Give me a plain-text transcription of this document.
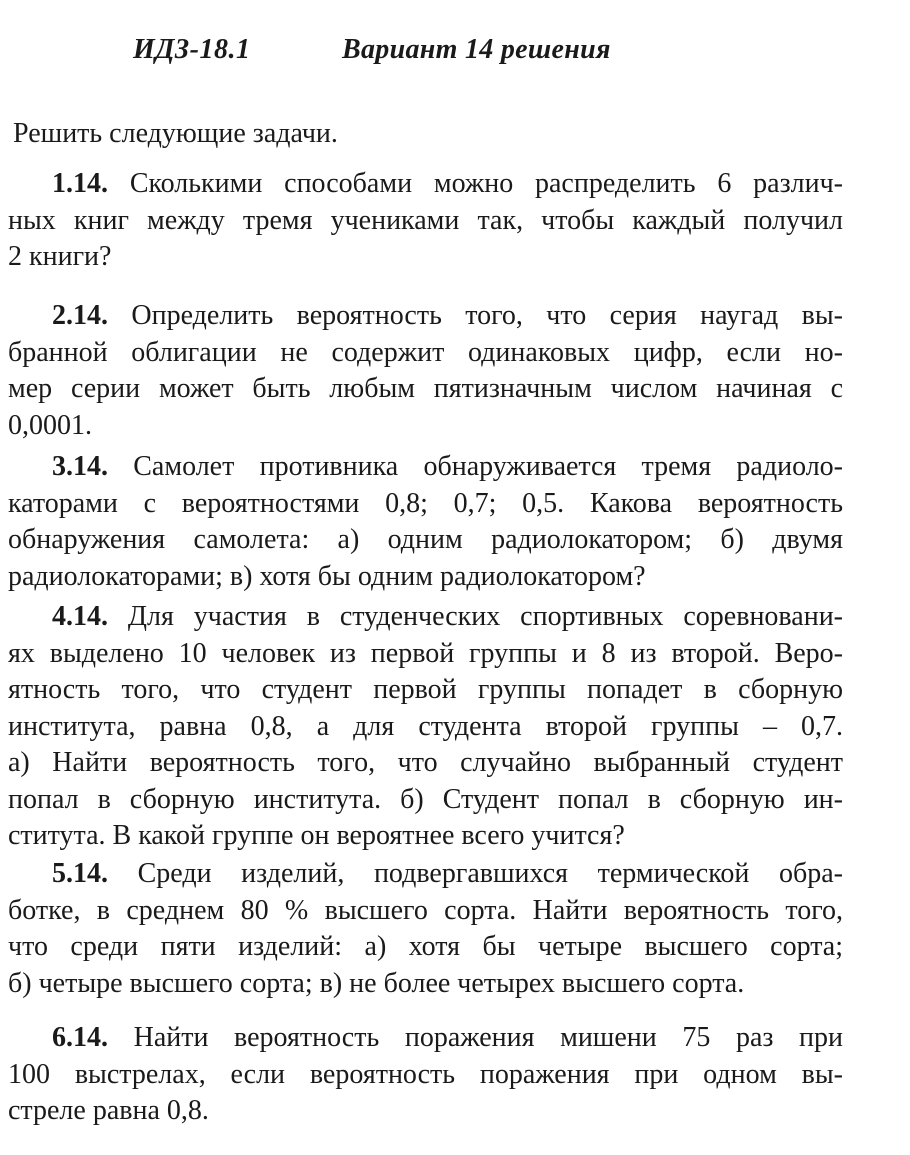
ИДЗ-18.1	Вариант 14 решения
Решить следующие задачи.
1.14. Сколькими способами можно распределить 6 различ-
ных книг между тремя учениками так, чтобы каждый получил
2 книги?
2.14. Определить вероятность того, что серия наугад вы-
бранной облигации не содержит одинаковых цифр, если но-
мер серии может быть любым пятизначным числом начиная с
0,0001.
3.14. Самолет противника обнаруживается тремя радиоло-
каторами с вероятностями 0,8; 0,7; 0,5. Какова вероятность
обнаружения самолета: а) одним радиолокатором; б) двумя
радиолокаторами; в) хотя бы одним радиолокатором?
4.14. Для участия в студенческих спортивных соревновани-
ях выделено 10 человек из первой группы и 8 из второй. Веро-
ятность того, что студент первой группы попадет в сборную
института, равна 0,8, а для студента второй группы – 0,7.
а) Найти вероятность того, что случайно выбранный студент
попал в сборную института. б) Студент попал в сборную ин-
ститута. В какой группе он вероятнее всего учится?
5.14. Среди изделий, подвергавшихся термической обра-
ботке, в среднем 80 % высшего сорта. Найти вероятность того,
что среди пяти изделий: а) хотя бы четыре высшего сорта;
б) четыре высшего сорта; в) не более четырех высшего сорта.
6.14. Найти вероятность поражения мишени 75 раз при
100 выстрелах, если вероятность поражения при одном вы-
стреле равна 0,8.
